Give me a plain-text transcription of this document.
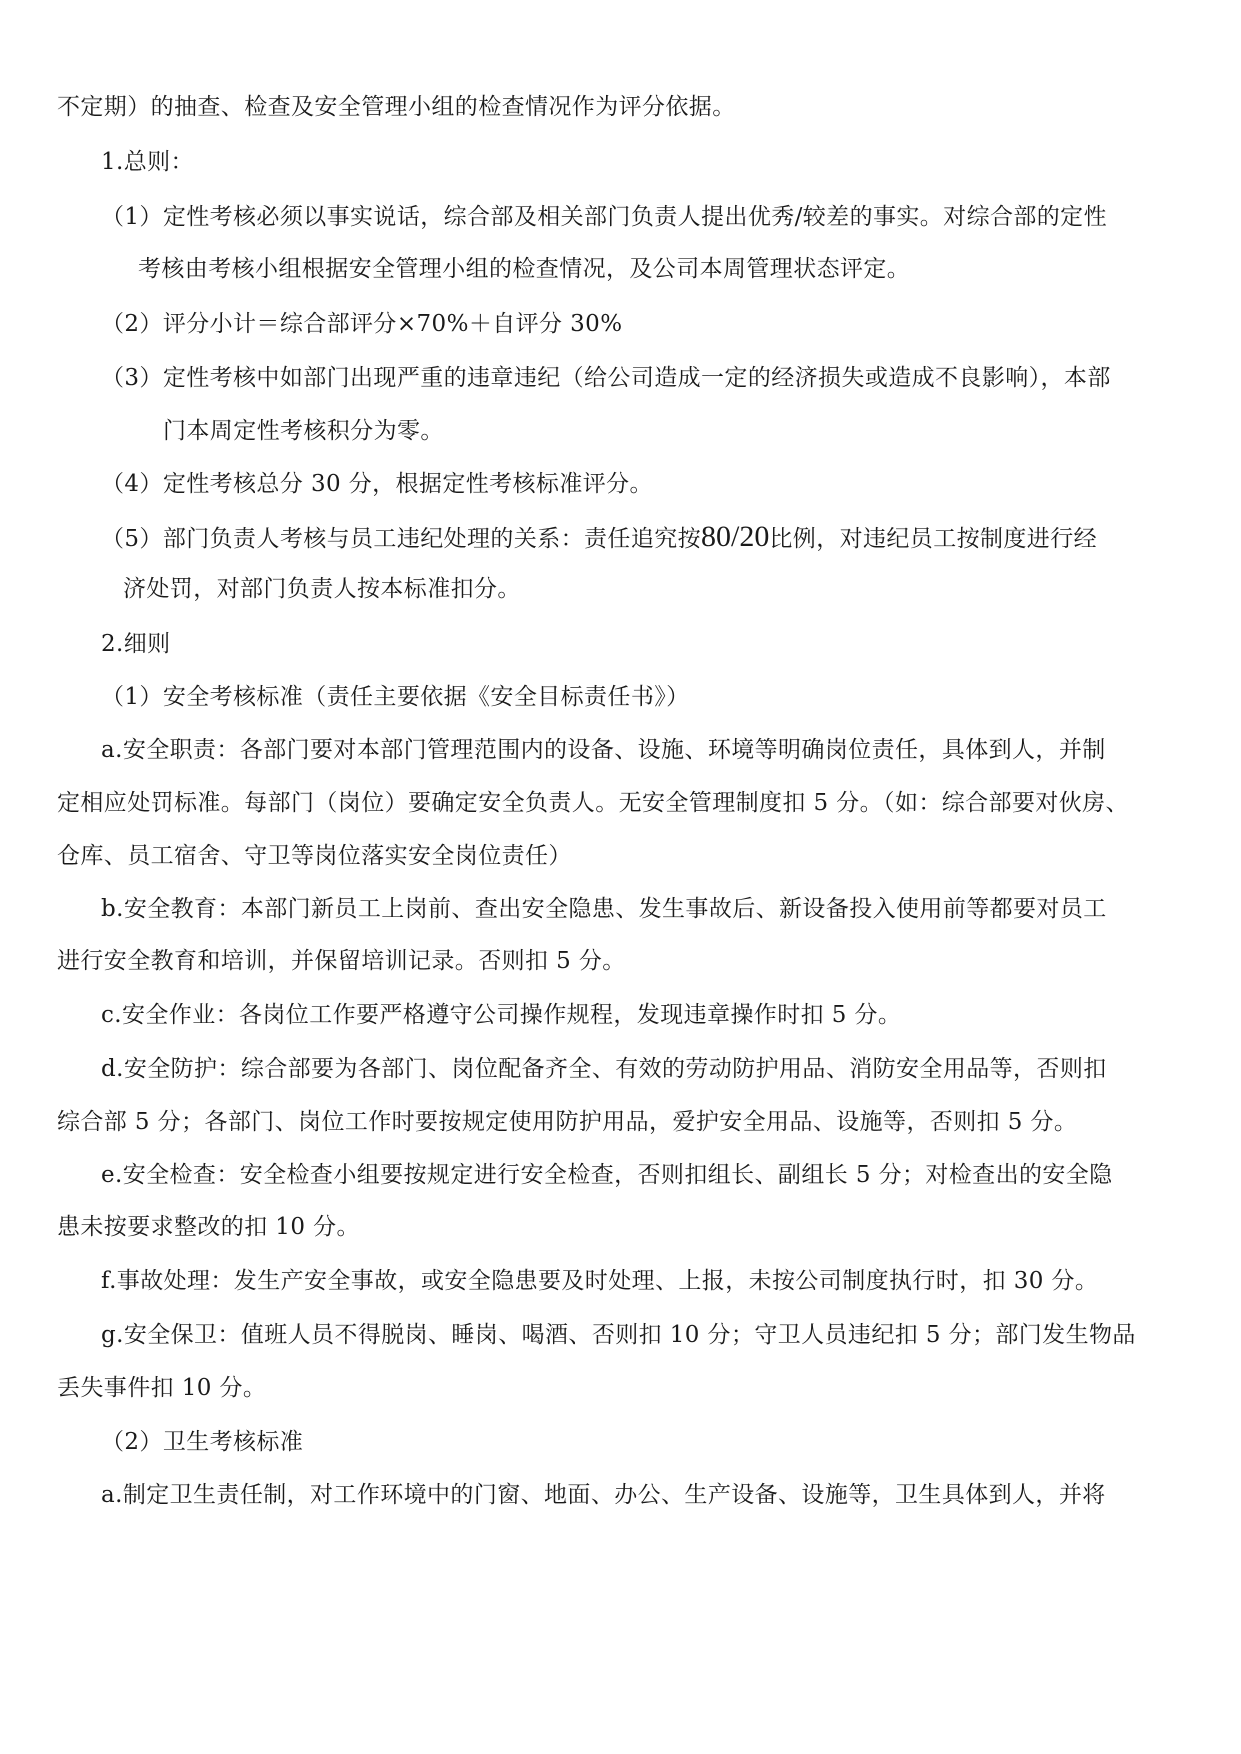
不定期）的抽查、检查及安全管理小组的检查情况作为评分依据。
1.总则：
（1）定性考核必须以事实说话，综合部及相关部门负责人提出优秀/较差的事实。对综合部的定性
考核由考核小组根据安全管理小组的检查情况，及公司本周管理状态评定。
（2）评分小计＝综合部评分×70%＋自评分 30%
（3）定性考核中如部门出现严重的违章违纪（给公司造成一定的经济损失或造成不良影响），本部
门本周定性考核积分为零。
（4）定性考核总分 30 分，根据定性考核标准评分。
（5）部门负责人考核与员工违纪处理的关系：责任追究按80/20比例，对违纪员工按制度进行经
济处罚，对部门负责人按本标准扣分。
2.细则
（1）安全考核标准（责任主要依据《安全目标责任书》）
a.安全职责：各部门要对本部门管理范围内的设备、设施、环境等明确岗位责任，具体到人，并制
定相应处罚标准。每部门（岗位）要确定安全负责人。无安全管理制度扣 5 分。（如：综合部要对伙房、
仓库、员工宿舍、守卫等岗位落实安全岗位责任）
b.安全教育：本部门新员工上岗前、查出安全隐患、发生事故后、新设备投入使用前等都要对员工
进行安全教育和培训，并保留培训记录。否则扣 5 分。
c.安全作业：各岗位工作要严格遵守公司操作规程，发现违章操作时扣 5 分。
d.安全防护：综合部要为各部门、岗位配备齐全、有效的劳动防护用品、消防安全用品等，否则扣
综合部 5 分；各部门、岗位工作时要按规定使用防护用品，爱护安全用品、设施等，否则扣 5 分。
e.安全检查：安全检查小组要按规定进行安全检查，否则扣组长、副组长 5 分；对检查出的安全隐
患未按要求整改的扣 10 分。
f.事故处理：发生产安全事故，或安全隐患要及时处理、上报，未按公司制度执行时，扣 30 分。
g.安全保卫：值班人员不得脱岗、睡岗、喝酒、否则扣 10 分；守卫人员违纪扣 5 分；部门发生物品
丢失事件扣 10 分。
（2）卫生考核标准
a.制定卫生责任制，对工作环境中的门窗、地面、办公、生产设备、设施等，卫生具体到人，并将
